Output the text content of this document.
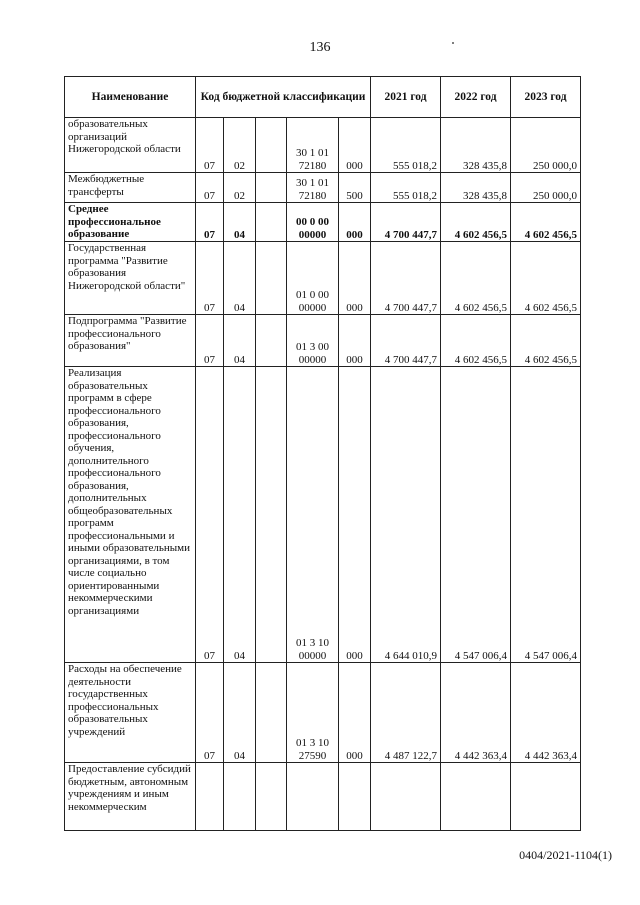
136
Наименование	Код бюджетной классификации					2021 год	2022 год	2023 год
образовательных организаций Нижегородской области	07	02		30 1 01 72180	000	555 018,2	328 435,8	250 000,0
Межбюджетные трансферты	07	02		30 1 01 72180	500	555 018,2	328 435,8	250 000,0
Среднее профессиональное образование	07	04		00 0 00 00000	000	4 700 447,7	4 602 456,5	4 602 456,5
Государственная программа "Развитие образования Нижегородской области"	07	04		01 0 00 00000	000	4 700 447,7	4 602 456,5	4 602 456,5
Подпрограмма "Развитие профессионального образования"	07	04		01 3 00 00000	000	4 700 447,7	4 602 456,5	4 602 456,5
Реализация образовательных программ в сфере профессионального образования, профессионального обучения, дополнительного профессионального образования, дополнительных общеобразовательных программ профессиональными и иными образовательными организациями, в том числе социально ориентированными некоммерческими организациями	07	04		01 3 10 00000	000	4 644 010,9	4 547 006,4	4 547 006,4
Расходы на обеспечение деятельности государственных профессиональных образовательных учреждений	07	04		01 3 10 27590	000	4 487 122,7	4 442 363,4	4 442 363,4
Предоставление субсидий бюджетным, автономным учреждениям и иным некоммерческим								
0404/2021-1104(1)
